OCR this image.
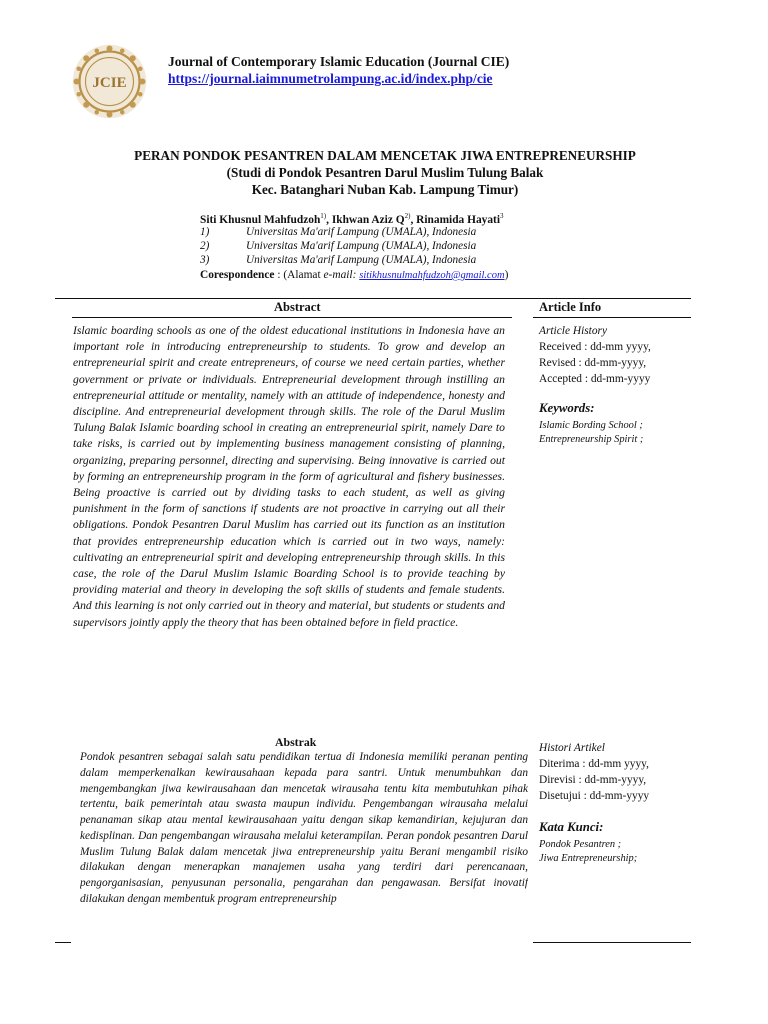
JCIE
Journal of Contemporary Islamic Education (Journal CIE)
https://journal.iaimnumetrolampung.ac.id/index.php/cie
PERAN PONDOK PESANTREN DALAM MENCETAK JIWA ENTREPRENEURSHIP
(Studi di Pondok Pesantren Darul Muslim Tulung Balak
Kec. Batanghari Nuban Kab. Lampung Timur)
Siti Khusnul Mahfudzoh$^{1)}$, Ikhwan Aziz $Q^{2)}$, Rinamida Hayati$^3$
1)	Universitas Ma'arif Lampung (UMALA), Indonesia
2)	Universitas Ma'arif Lampung (UMALA), Indonesia
3)	Universitas Ma'arif Lampung (UMALA), Indonesia
Corespondence : (Alamat e-mail: sitikhusnulmahfudzoh@gmail.com)
Abstract	Article Info
Islamic boarding schools as one of the oldest educational institutions in Indonesia have an important role in introducing entrepreneurship to students. To grow and develop an entrepreneurial spirit and create entrepreneurs, of course we need certain parties, whether government or private or individuals. Entrepreneurial development through instilling an entrepreneurial attitude or mentality, namely with an attitude of independence, honesty and discipline. And entrepreneurial development through skills. The role of the Darul Muslim Tulung Balak Islamic boarding school in creating an entrepreneurial spirit, namely Dare to take risks, is carried out by implementing business management consisting of planning, organizing, preparing personnel, directing and supervising. Being innovative is carried out by forming an entrepreneurship program in the form of agricultural and fishery businesses. Being proactive is carried out by dividing tasks to each student, as well as giving punishment in the form of sanctions if students are not proactive in carrying out all their obligations. Pondok Pesantren Darul Muslim has carried out its function as an institution that provides entrepreneurship education which is carried out in two ways, namely: cultivating an entrepreneurial spirit and developing entrepreneurship through skills. In this case, the role of the Darul Muslim Islamic Boarding School is to provide teaching by providing material and theory in developing the soft skills of students and female students. And this learning is not only carried out in theory and material, but students or students and supervisors jointly apply the theory that has been obtained before in field practice.
Article History
Received : dd-mm yyyy,
Revised : dd-mm-yyyy,
Accepted : dd-mm-yyyy
Keywords:
Islamic Bording School ;
Entrepreneurship Spirit ;
Abstrak
Pondok pesantren sebagai salah satu pendidikan tertua di Indonesia memiliki peranan penting dalam memperkenalkan kewirausahaan kepada para santri. Untuk menumbuhkan dan mengembangkan jiwa kewirausahaan dan mencetak wirausaha tentu kita membutuhkan pihak tertentu, baik pemerintah atau swasta maupun individu. Pengembangan wirausaha melalui penanaman sikap atau mental kewirausahaan yaitu dengan sikap kemandirian, kejujuran dan kedisplinan. Dan pengembangan wirausaha melalui keterampilan. Peran pondok pesantren Darul Muslim Tulung Balak dalam mencetak jiwa entrepreneurship yaitu Berani mengambil risiko dilakukan dengan menerapkan manajemen usaha yang terdiri dari perencanaan, pengorganisasian, penyusunan personalia, pengarahan dan pengawasan. Bersifat inovatif dilakukan dengan membentuk program entrepreneurship
Histori Artikel
Diterima : dd-mm yyyy,
Direvisi : dd-mm-yyyy,
Disetujui : dd-mm-yyyy
Kata Kunci:
Pondok Pesantren ;
Jiwa Entrepreneurship;
